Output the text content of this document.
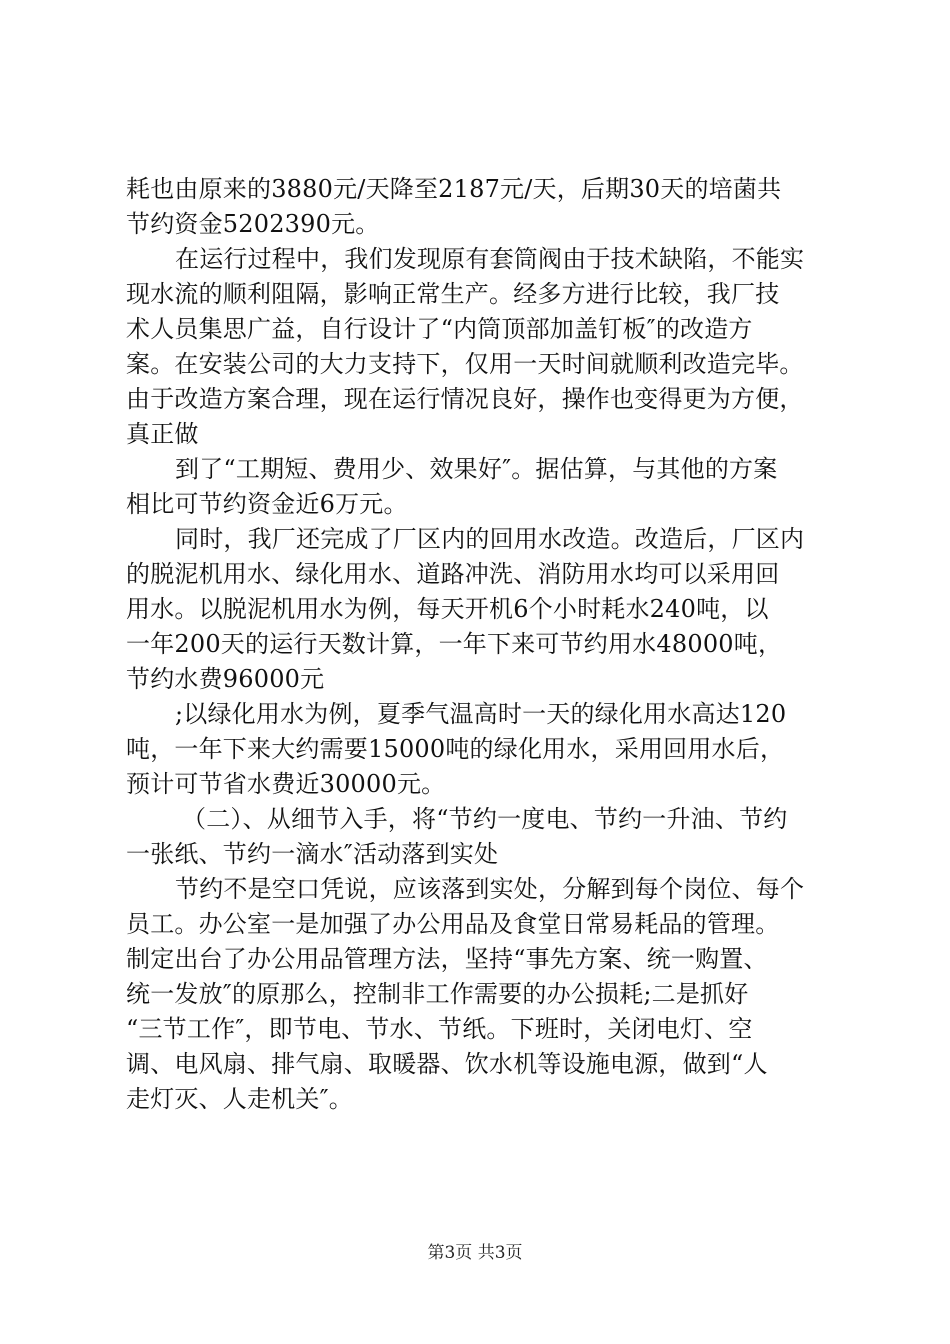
耗也由原来的3880元/天降至2187元/天，后期30天的培菌共
节约资金5202390元。
在运行过程中，我们发现原有套筒阀由于技术缺陷，不能实
现水流的顺利阻隔，影响正常生产。经多方进行比较，我厂技
术人员集思广益，自行设计了“内筒顶部加盖钉板″的改造方
案。在安装公司的大力支持下，仅用一天时间就顺利改造完毕。
由于改造方案合理，现在运行情况良好，操作也变得更为方便，
真正做
到了“工期短、费用少、效果好″。据估算，与其他的方案
相比可节约资金近6万元。
同时，我厂还完成了厂区内的回用水改造。改造后，厂区内
的脱泥机用水、绿化用水、道路冲洗、消防用水均可以采用回
用水。以脱泥机用水为例，每天开机6个小时耗水240吨，以
一年200天的运行天数计算，一年下来可节约用水48000吨，
节约水费96000元
;以绿化用水为例，夏季气温高时一天的绿化用水高达120
吨，一年下来大约需要15000吨的绿化用水，采用回用水后，
预计可节省水费近30000元。
（二）、从细节入手，将“节约一度电、节约一升油、节约
一张纸、节约一滴水″活动落到实处
节约不是空口凭说，应该落到实处，分解到每个岗位、每个
员工。办公室一是加强了办公用品及食堂日常易耗品的管理。
制定出台了办公用品管理方法，坚持“事先方案、统一购置、
统一发放″的原那么，控制非工作需要的办公损耗;二是抓好
“三节工作″，即节电、节水、节纸。下班时，关闭电灯、空
调、电风扇、排气扇、取暖器、饮水机等设施电源，做到“人
走灯灭、人走机关″。
第3页 共3页
